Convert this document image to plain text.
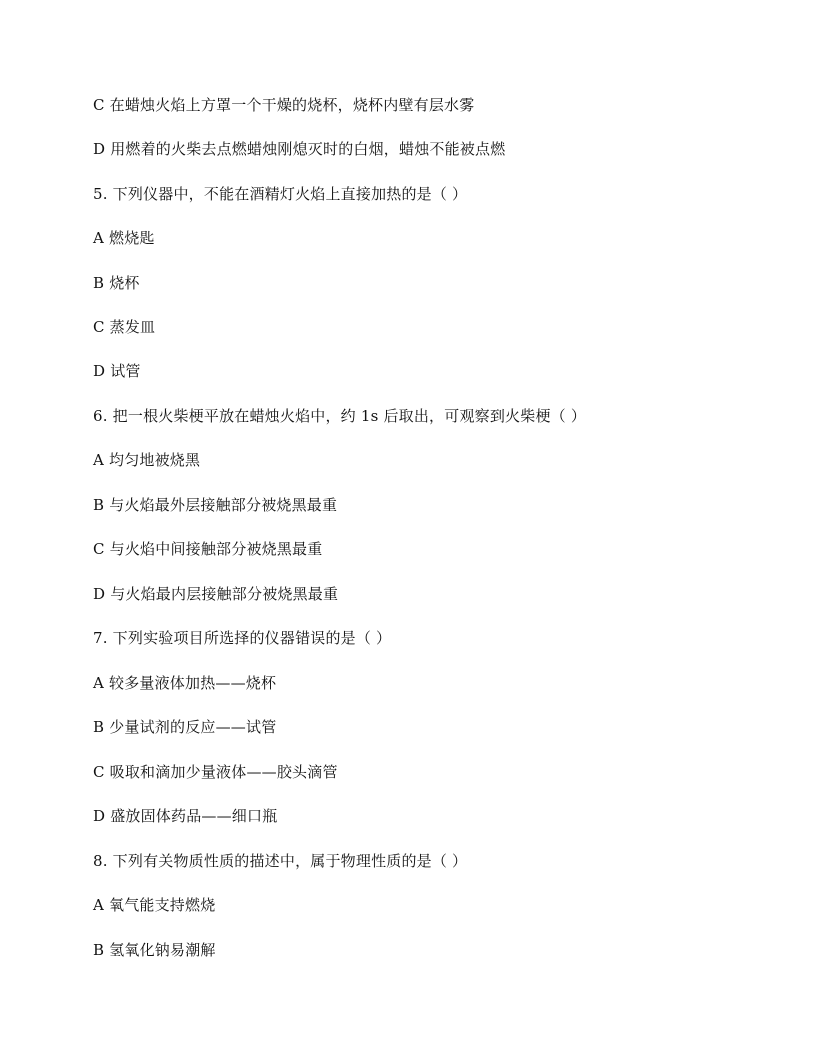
C 在蜡烛火焰上方罩一个干燥的烧杯，烧杯内壁有层水雾
D 用燃着的火柴去点燃蜡烛刚熄灭时的白烟，蜡烛不能被点燃
5. 下列仪器中，不能在酒精灯火焰上直接加热的是（ ）
A 燃烧匙
B 烧杯
C 蒸发皿
D 试管
6. 把一根火柴梗平放在蜡烛火焰中，约 1s 后取出，可观察到火柴梗（ ）
A 均匀地被烧黑
B 与火焰最外层接触部分被烧黑最重
C 与火焰中间接触部分被烧黑最重
D 与火焰最内层接触部分被烧黑最重
7. 下列实验项目所选择的仪器错误的是（ ）
A 较多量液体加热——烧杯
B 少量试剂的反应——试管
C 吸取和滴加少量液体——胶头滴管
D 盛放固体药品——细口瓶
8. 下列有关物质性质的描述中，属于物理性质的是（ ）
A 氧气能支持燃烧
B 氢氧化钠易潮解
